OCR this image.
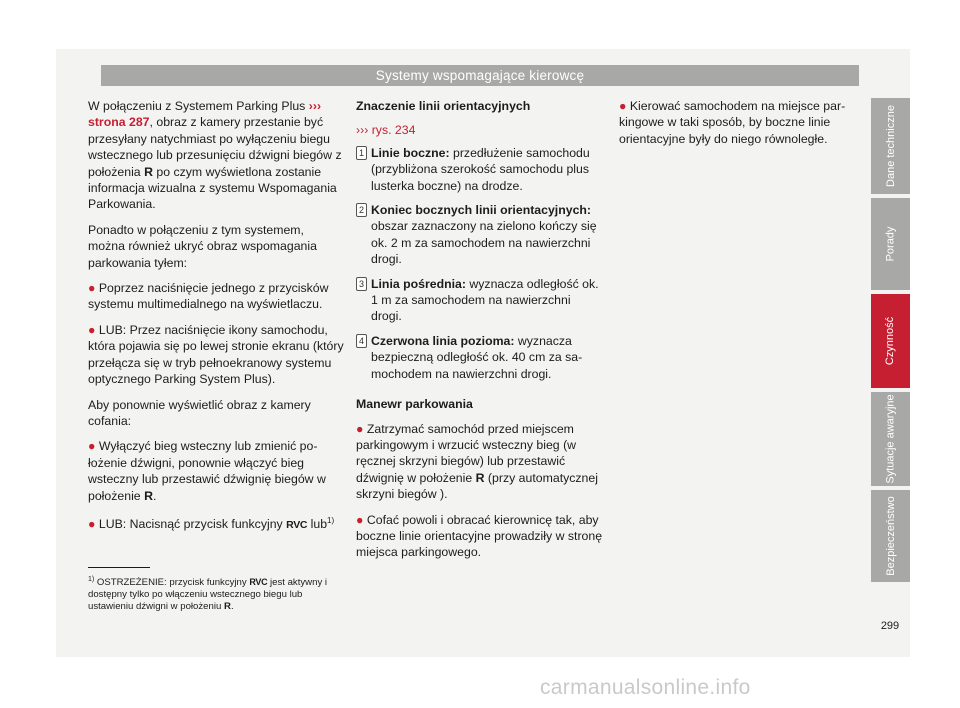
Systemy wspomagające kierowcę

W połączeniu z Systemem Parking Plus ››› strona 287, obraz z kamery przestanie być przesyłany natychmiast po wyłączeniu biegu wstecznego lub przesunięciu dźwigni biegów z położenia R po czym wyświetlona zostanie informacja wizualna z systemu Wspomagania Parkowania.

Ponadto w połączeniu z tym systemem, można również ukryć obraz wspomagania parkowania tyłem:

● Poprzez naciśnięcie jednego z przycisków systemu multimedialnego na wyświetlaczu.

● LUB: Przez naciśnięcie ikony samochodu, która pojawia się po lewej stronie ekranu (który przełącza się w tryb pełnoekranowy systemu optycznego Parking System Plus).

Aby ponownie wyświetlić obraz z kamery cofania:

● Wyłączyć bieg wsteczny lub zmienić położenie dźwigni, ponownie włączyć bieg wsteczny lub przestawić dźwignię biegów w położenie R.

● LUB: Nacisnąć przycisk funkcyjny RVC lub$^{1)}$

Znaczenie linii orientacyjnych

››› rys. 234

1 Linie boczne: przedłużenie samochodu (przybliżona szerokość samochodu plus lusterka boczne) na drodze.

2 Koniec bocznych linii orientacyjnych: obszar zaznaczony na zielono kończy się ok. 2 m za samochodem na nawierzchni drogi.

3 Linia pośrednia: wyznacza odległość ok. 1 m za samochodem na nawierzchni drogi.

4 Czerwona linia pozioma: wyznacza bezpieczną odległość ok. 40 cm za samochodem na nawierzchni drogi.

Manewr parkowania

● Zatrzymać samochód przed miejscem parkingowym i wrzucić wsteczny bieg (w ręcznej skrzyni biegów) lub przestawić dźwignię w położenie R (przy automatycznej skrzyni biegów ).

● Cofać powoli i obracać kierownicę tak, aby boczne linie orientacyjne prowadziły w stronę miejsca parkingowego.

● Kierować samochodem na miejsce parkingowe w taki sposób, by boczne linie orientacyjne były do niego równoległe.

$^{1)}$ OSTRZEŻENIE: przycisk funkcyjny RVC jest aktywny i dostępny tylko po włączeniu wstecznego biegu lub ustawieniu dźwigni w położeniu R.
Dane techniczne
Porady
Czynność
Sytuacje awaryjne
Bezpieczeństwo
299
carmanualsonline.info
